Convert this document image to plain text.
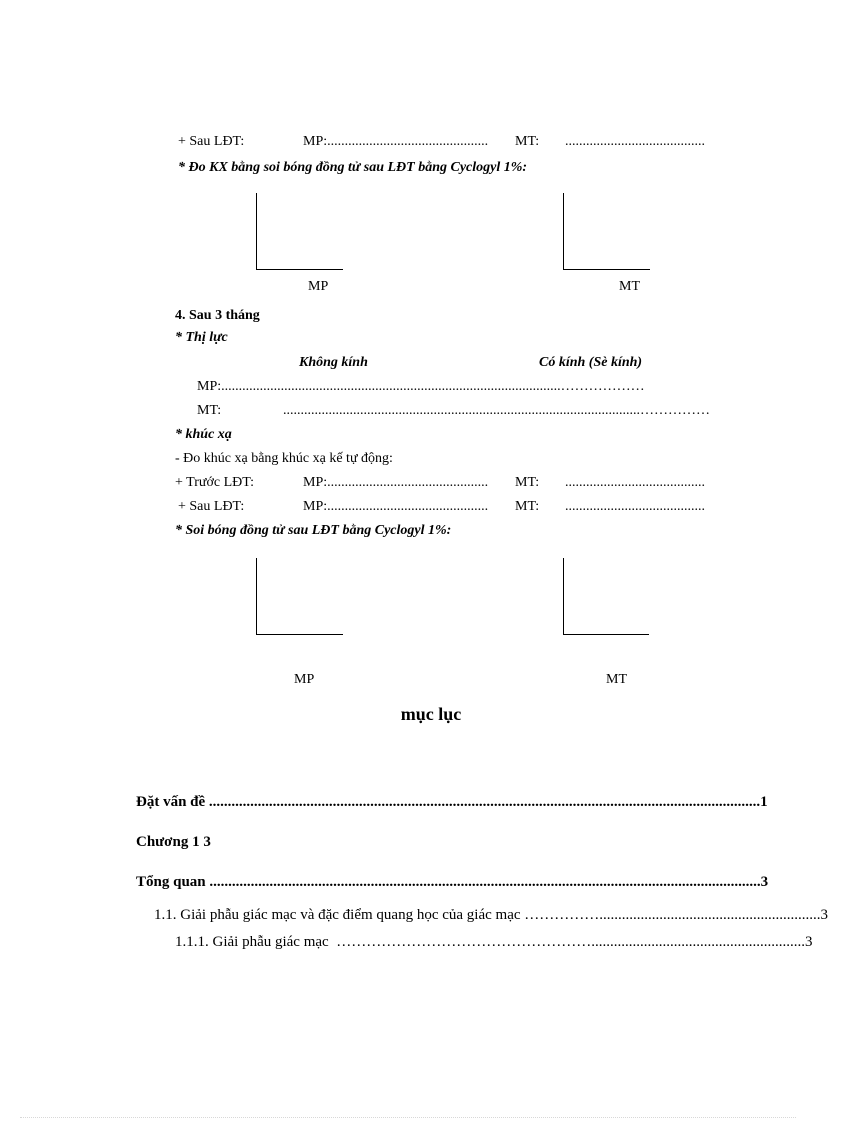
+ Sau LĐT:	MP:.............................................. MT: ........................................
* Đo KX bằng soi bóng đồng tử sau LĐT bằng Cyclogyl 1%:
MP	MT
4. Sau 3 tháng
* Thị lực
Không kính	Có kính (Sè kính)
MP:.................................................................................................………………
MT:	......................................................................................................……………
* khúc xạ
- Đo khúc xạ bằng khúc xạ kế tự động:
+ Trước LĐT:	MP:.............................................. MT: ........................................
+ Sau LĐT:	MP:.............................................. MT: ........................................
* Soi bóng đồng tử sau LĐT bằng Cyclogyl 1%:
MP	MT
mục lục
Đặt vấn đề ................................................................................................................................................... 1
Chương 1 3
Tổng quan ................................................................................................................................................... 3
1.1. Giải phẫu giác mạc và đặc điểm quang học của giác mạc ……………........................................................... 3
1.1.1. Giải phẫu giác mạc ……………………………………………......................................................... 3
